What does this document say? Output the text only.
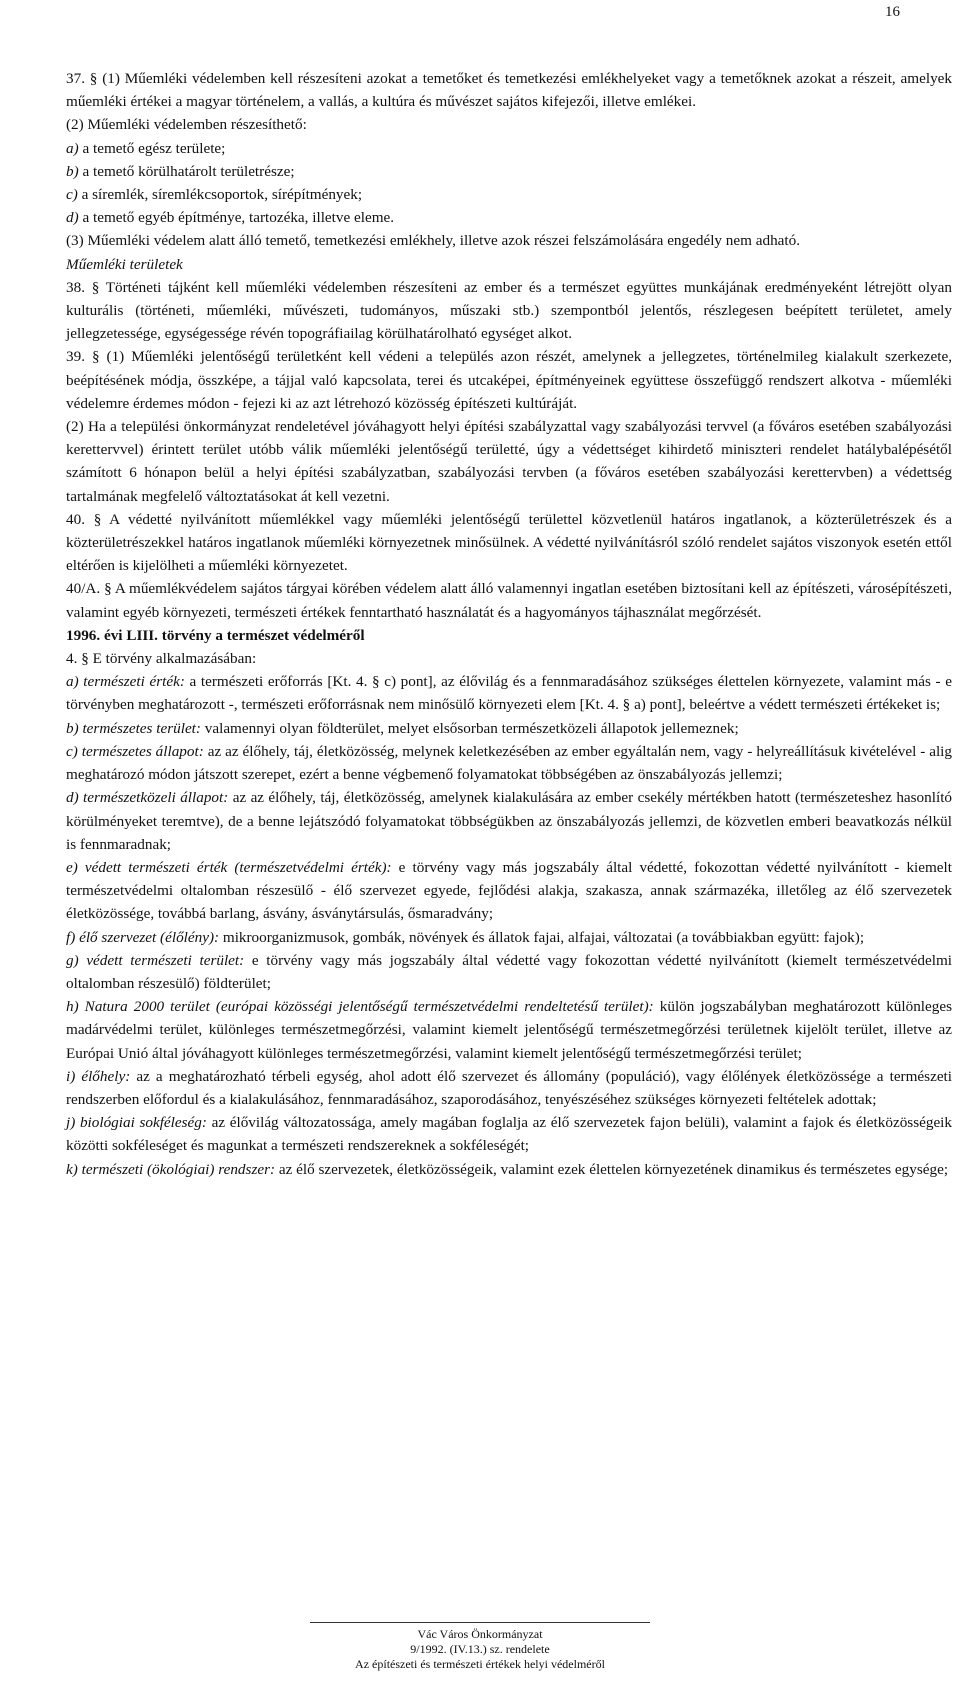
16

37. § (1) Műemléki védelemben kell részesíteni azokat a temetőket és temetkezési emlékhelyeket vagy a temetőknek azokat a részeit, amelyek műemléki értékei a magyar történelem, a vallás, a kultúra és művészet sajátos kifejezői, illetve emlékei.

(2) Műemléki védelemben részesíthető:

a) a temető egész területe;

b) a temető körülhatárolt területrésze;

c) a síremlék, síremlékcsoportok, sírépítmények;

d) a temető egyéb építménye, tartozéka, illetve eleme.

(3) Műemléki védelem alatt álló temető, temetkezési emlékhely, illetve azok részei felszámolására engedély nem adható.

Műemléki területek

38. § Történeti tájként kell műemléki védelemben részesíteni az ember és a természet együttes munkájának eredményeként létrejött olyan kulturális (történeti, műemléki, művészeti, tudományos, műszaki stb.) szempontból jelentős, részlegesen beépített területet, amely jellegzetessége, egységessége révén topográfiailag körülhatárolható egységet alkot.

39. § (1) Műemléki jelentőségű területként kell védeni a település azon részét, amelynek a jellegzetes, történelmileg kialakult szerkezete, beépítésének módja, összképe, a tájjal való kapcsolata, terei és utcaképei, építményeinek együttese összefüggő rendszert alkotva - műemléki védelemre érdemes módon - fejezi ki az azt létrehozó közösség építészeti kultúráját.

(2) Ha a települési önkormányzat rendeletével jóváhagyott helyi építési szabályzattal vagy szabályozási tervvel (a főváros esetében szabályozási kerettervvel) érintett terület utóbb válik műemléki jelentőségű területté, úgy a védettséget kihirdető miniszteri rendelet hatálybalépésétől számított 6 hónapon belül a helyi építési szabályzatban, szabályozási tervben (a főváros esetében szabályozási kerettervben) a védettség tartalmának megfelelő változtatásokat át kell vezetni.

40. § A védetté nyilvánított műemlékkel vagy műemléki jelentőségű területtel közvetlenül határos ingatlanok, a közterületrészek és a közterületrészekkel határos ingatlanok műemléki környezetnek minősülnek. A védetté nyilvánításról szóló rendelet sajátos viszonyok esetén ettől eltérően is kijelölheti a műemléki környezetet.

40/A. § A műemlékvédelem sajátos tárgyai körében védelem alatt álló valamennyi ingatlan esetében biztosítani kell az építészeti, városépítészeti, valamint egyéb környezeti, természeti értékek fenntartható használatát és a hagyományos tájhasználat megőrzését.

1996. évi LIII. törvény a természet védelméről

4. § E törvény alkalmazásában:

a) természeti érték: a természeti erőforrás [Kt. 4. § c) pont], az élővilág és a fennmaradásához szükséges élettelen környezete, valamint más - e törvényben meghatározott -, természeti erőforrásnak nem minősülő környezeti elem [Kt. 4. § a) pont], beleértve a védett természeti értékeket is;

b) természetes terület: valamennyi olyan földterület, melyet elsősorban természetközeli állapotok jellemeznek;

c) természetes állapot: az az élőhely, táj, életközösség, melynek keletkezésében az ember egyáltalán nem, vagy - helyreállításuk kivételével - alig meghatározó módon játszott szerepet, ezért a benne végbemenő folyamatokat többségében az önszabályozás jellemzi;

d) természetközeli állapot: az az élőhely, táj, életközösség, amelynek kialakulására az ember csekély mértékben hatott (természeteshez hasonlító körülményeket teremtve), de a benne lejátszódó folyamatokat többségükben az önszabályozás jellemzi, de közvetlen emberi beavatkozás nélkül is fennmaradnak;

e) védett természeti érték (természetvédelmi érték): e törvény vagy más jogszabály által védetté, fokozottan védetté nyilvánított - kiemelt természetvédelmi oltalomban részesülő - élő szervezet egyede, fejlődési alakja, szakasza, annak származéka, illetőleg az élő szervezetek életközössége, továbbá barlang, ásvány, ásványtársulás, ősmaradvány;

f) élő szervezet (élőlény): mikroorganizmusok, gombák, növények és állatok fajai, alfajai, változatai (a továbbiakban együtt: fajok);

g) védett természeti terület: e törvény vagy más jogszabály által védetté vagy fokozottan védetté nyilvánított (kiemelt természetvédelmi oltalomban részesülő) földterület;

h) Natura 2000 terület (európai közösségi jelentőségű természetvédelmi rendeltetésű terület): külön jogszabályban meghatározott különleges madárvédelmi terület, különleges természetmegőrzési, valamint kiemelt jelentőségű természetmegőrzési területnek kijelölt terület, illetve az Európai Unió által jóváhagyott különleges természetmegőrzési, valamint kiemelt jelentőségű természetmegőrzési terület;

i) élőhely: az a meghatározható térbeli egység, ahol adott élő szervezet és állomány (populáció), vagy élőlények életközössége a természeti rendszerben előfordul és a kialakulásához, fennmaradásához, szaporodásához, tenyészéséhez szükséges környezeti feltételek adottak;

j) biológiai sokféleség: az élővilág változatossága, amely magában foglalja az élő szervezetek fajon belüli), valamint a fajok és életközösségeik közötti sokféleséget és magunkat a természeti rendszereknek a sokféleségét;

k) természeti (ökológiai) rendszer: az élő szervezetek, életközösségeik, valamint ezek élettelen környezetének dinamikus és természetes egysége;

Vác Város Önkormányzat
9/1992. (IV.13.) sz. rendelete
Az építészeti és természeti értékek helyi védelméről
